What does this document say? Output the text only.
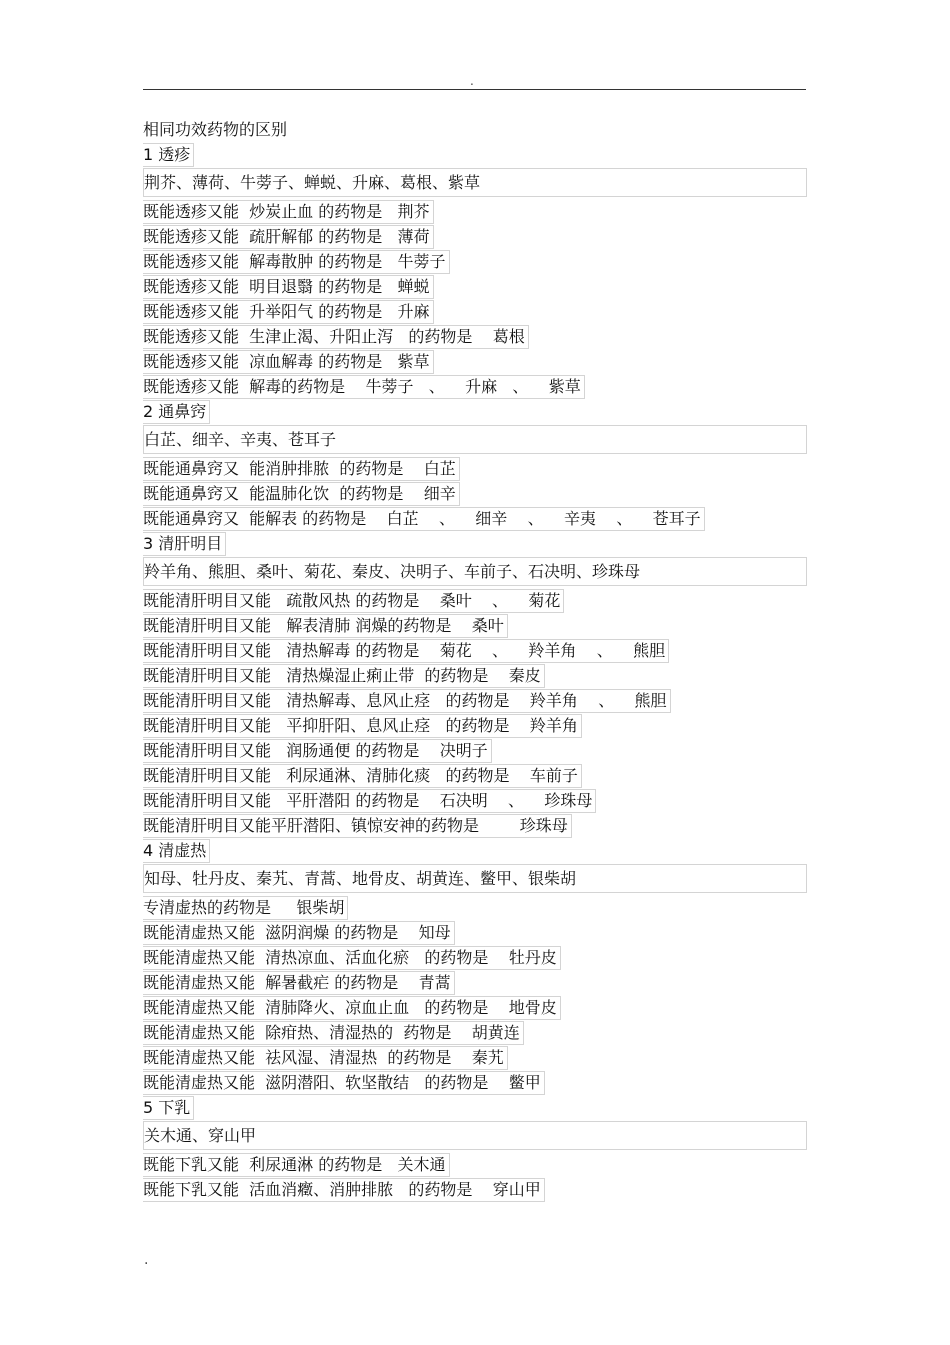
.
相同功效药物的区别
1 透疹
荆芥、薄荷、牛蒡子、蝉蜕、升麻、葛根、紫草
既能透疹又能  炒炭止血 的药物是   荆芥
既能透疹又能  疏肝解郁 的药物是   薄荷
既能透疹又能  解毒散肿 的药物是   牛蒡子
既能透疹又能  明目退翳 的药物是   蝉蜕
既能透疹又能  升举阳气 的药物是   升麻
既能透疹又能  生津止渴、升阳止泻   的药物是    葛根
既能透疹又能  凉血解毒 的药物是   紫草
既能透疹又能  解毒的药物是    牛蒡子   、    升麻   、    紫草
2 通鼻窍
白芷、细辛、辛夷、苍耳子
既能通鼻窍又  能消肿排脓  的药物是    白芷
既能通鼻窍又  能温肺化饮  的药物是    细辛
既能通鼻窍又  能解表 的药物是    白芷    、    细辛    、    辛夷    、    苍耳子
3 清肝明目
羚羊角、熊胆、桑叶、菊花、秦皮、决明子、车前子、石决明、珍珠母
既能清肝明目又能   疏散风热 的药物是    桑叶    、    菊花
既能清肝明目又能   解表清肺 润燥的药物是    桑叶
既能清肝明目又能   清热解毒 的药物是    菊花    、    羚羊角    、    熊胆
既能清肝明目又能   清热燥湿止痢止带  的药物是    秦皮
既能清肝明目又能   清热解毒、息风止痉   的药物是    羚羊角    、    熊胆
既能清肝明目又能   平抑肝阳、息风止痉   的药物是    羚羊角
既能清肝明目又能   润肠通便 的药物是    决明子
既能清肝明目又能   利尿通淋、清肺化痰   的药物是    车前子
既能清肝明目又能   平肝潜阳 的药物是    石决明    、    珍珠母
既能清肝明目又能平肝潜阳、镇惊安神的药物是        珍珠母
4 清虚热
知母、牡丹皮、秦艽、青蒿、地骨皮、胡黄连、鳖甲、银柴胡
专清虚热的药物是     银柴胡
既能清虚热又能  滋阴润燥 的药物是    知母
既能清虚热又能  清热凉血、活血化瘀   的药物是    牡丹皮
既能清虚热又能  解暑截疟 的药物是    青蒿
既能清虚热又能  清肺降火、凉血止血   的药物是    地骨皮
既能清虚热又能  除疳热、清湿热的  药物是    胡黄连
既能清虚热又能  祛风湿、清湿热  的药物是    秦艽
既能清虚热又能  滋阴潜阳、软坚散结   的药物是    鳖甲
5 下乳
关木通、穿山甲
既能下乳又能  利尿通淋 的药物是   关木通
既能下乳又能  活血消癥、消肿排脓   的药物是    穿山甲
.
